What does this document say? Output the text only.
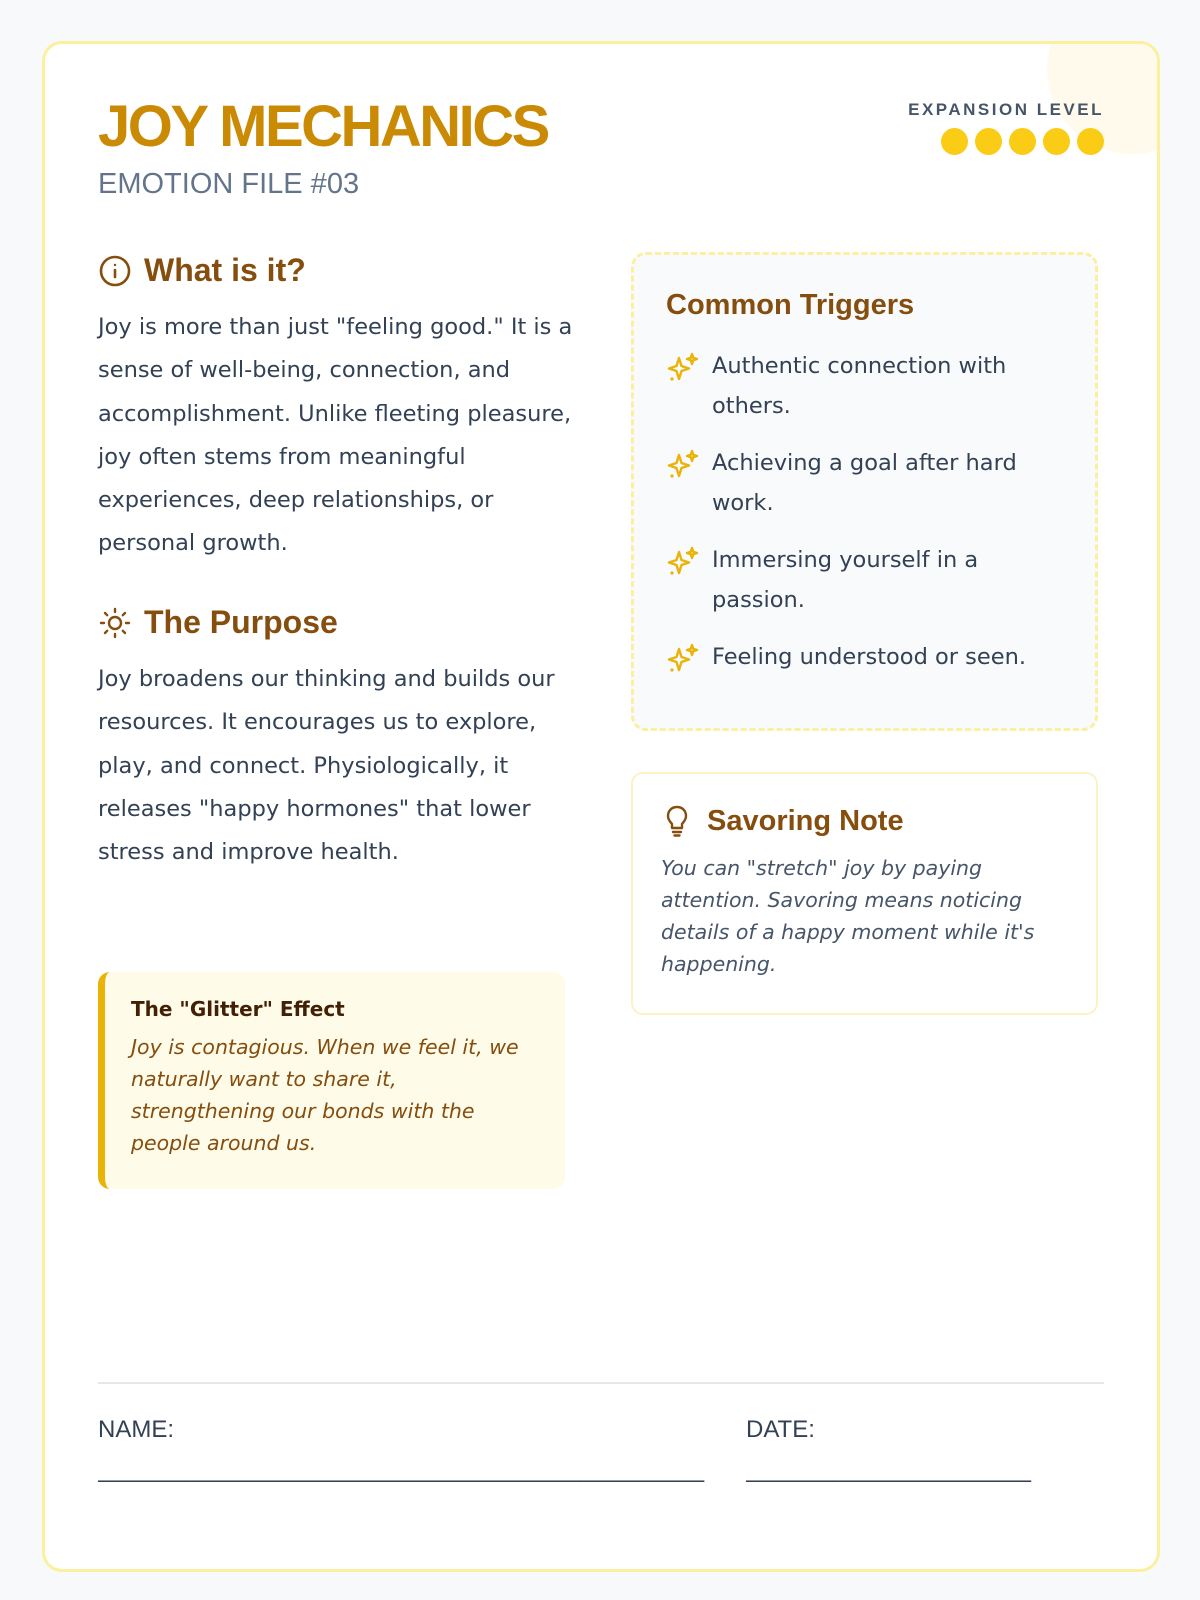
JOY MECHANICS
EMOTION FILE #03
EXPANSION LEVEL
What is it?

Joy is more than just "feeling good." It is a sense of well-being, connection, and accomplishment. Unlike fleeting pleasure, joy often stems from meaningful experiences, deep relationships, or personal growth.

The Purpose

Joy broadens our thinking and builds our resources. It encourages us to explore, play, and connect. Physiologically, it releases "happy hormones" that lower stress and improve health.

The "Glitter" Effect

Joy is contagious. When we feel it, we naturally want to share it, strengthening our bonds with the people around us.

Common Triggers
Authentic connection with others.
Achieving a goal after hard work.
Immersing yourself in a passion.
Feeling understood or seen.
Savoring Note

You can "stretch" joy by paying attention. Savoring means noticing details of a happy moment while it's happening.

NAME:
_________________________________________________
DATE:
_______________________
